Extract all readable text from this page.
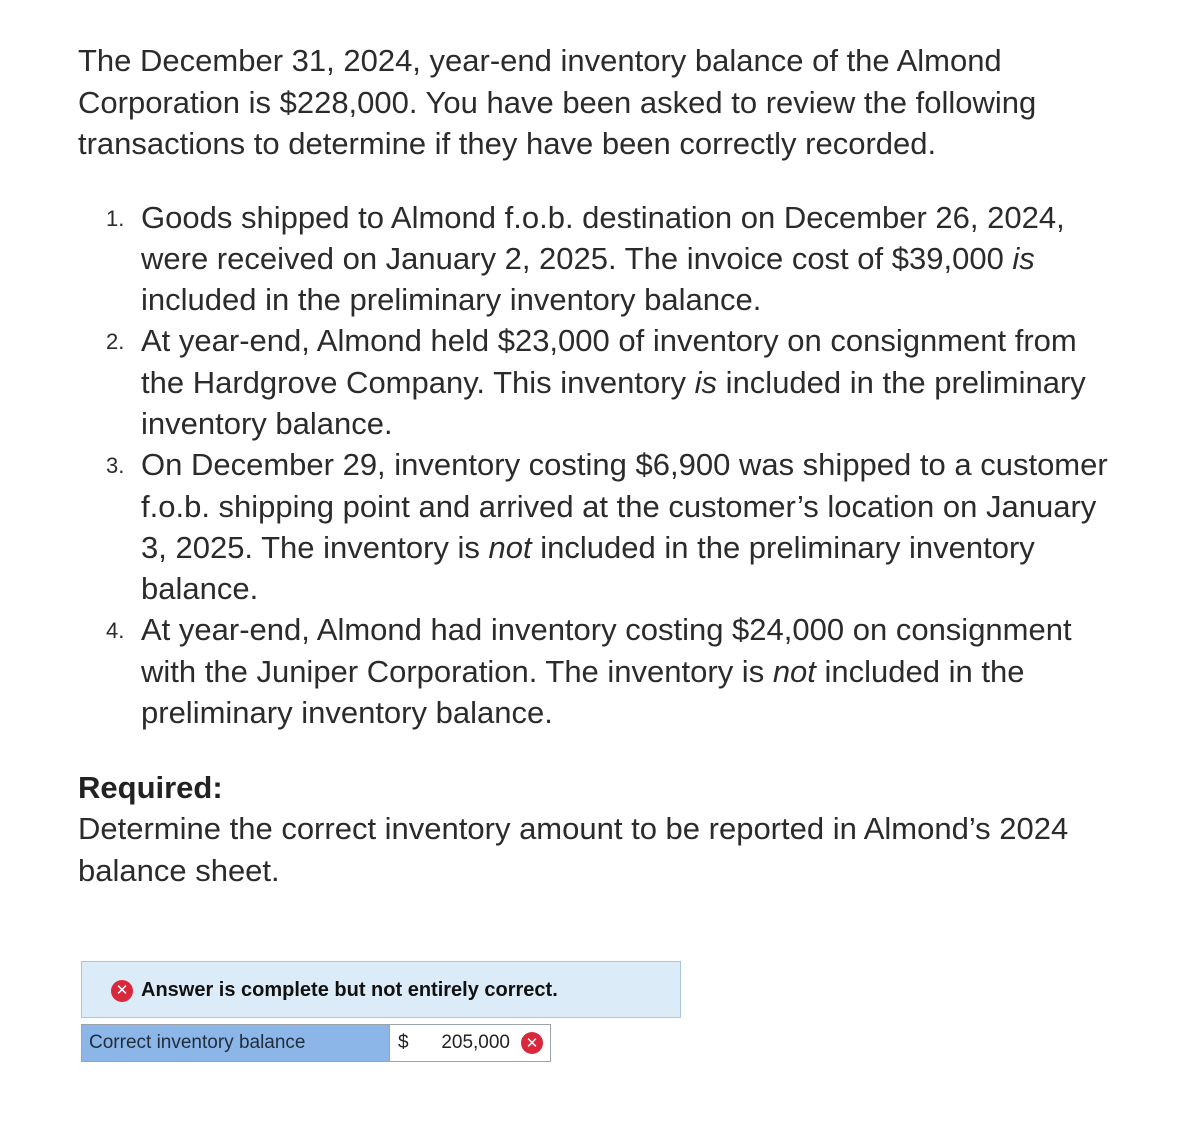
The December 31, 2024, year-end inventory balance of the Almond Corporation is $228,000. You have been asked to review the following transactions to determine if they have been correctly recorded.

1. Goods shipped to Almond f.o.b. destination on December 26, 2024, were received on January 2, 2025. The invoice cost of $39,000 is included in the preliminary inventory balance.
2. At year-end, Almond held $23,000 of inventory on consignment from the Hardgrove Company. This inventory is included in the preliminary inventory balance.
3. On December 29, inventory costing $6,900 was shipped to a customer f.o.b. shipping point and arrived at the customer’s location on January 3, 2025. The inventory is not included in the preliminary inventory balance.
4. At year-end, Almond had inventory costing $24,000 on consignment with the Juniper Corporation. The inventory is not included in the preliminary inventory balance.
Required:
Determine the correct inventory amount to be reported in Almond’s 2024 balance sheet.
✕ Answer is complete but not entirely correct.
Correct inventory balance	$ 205,000	✕
